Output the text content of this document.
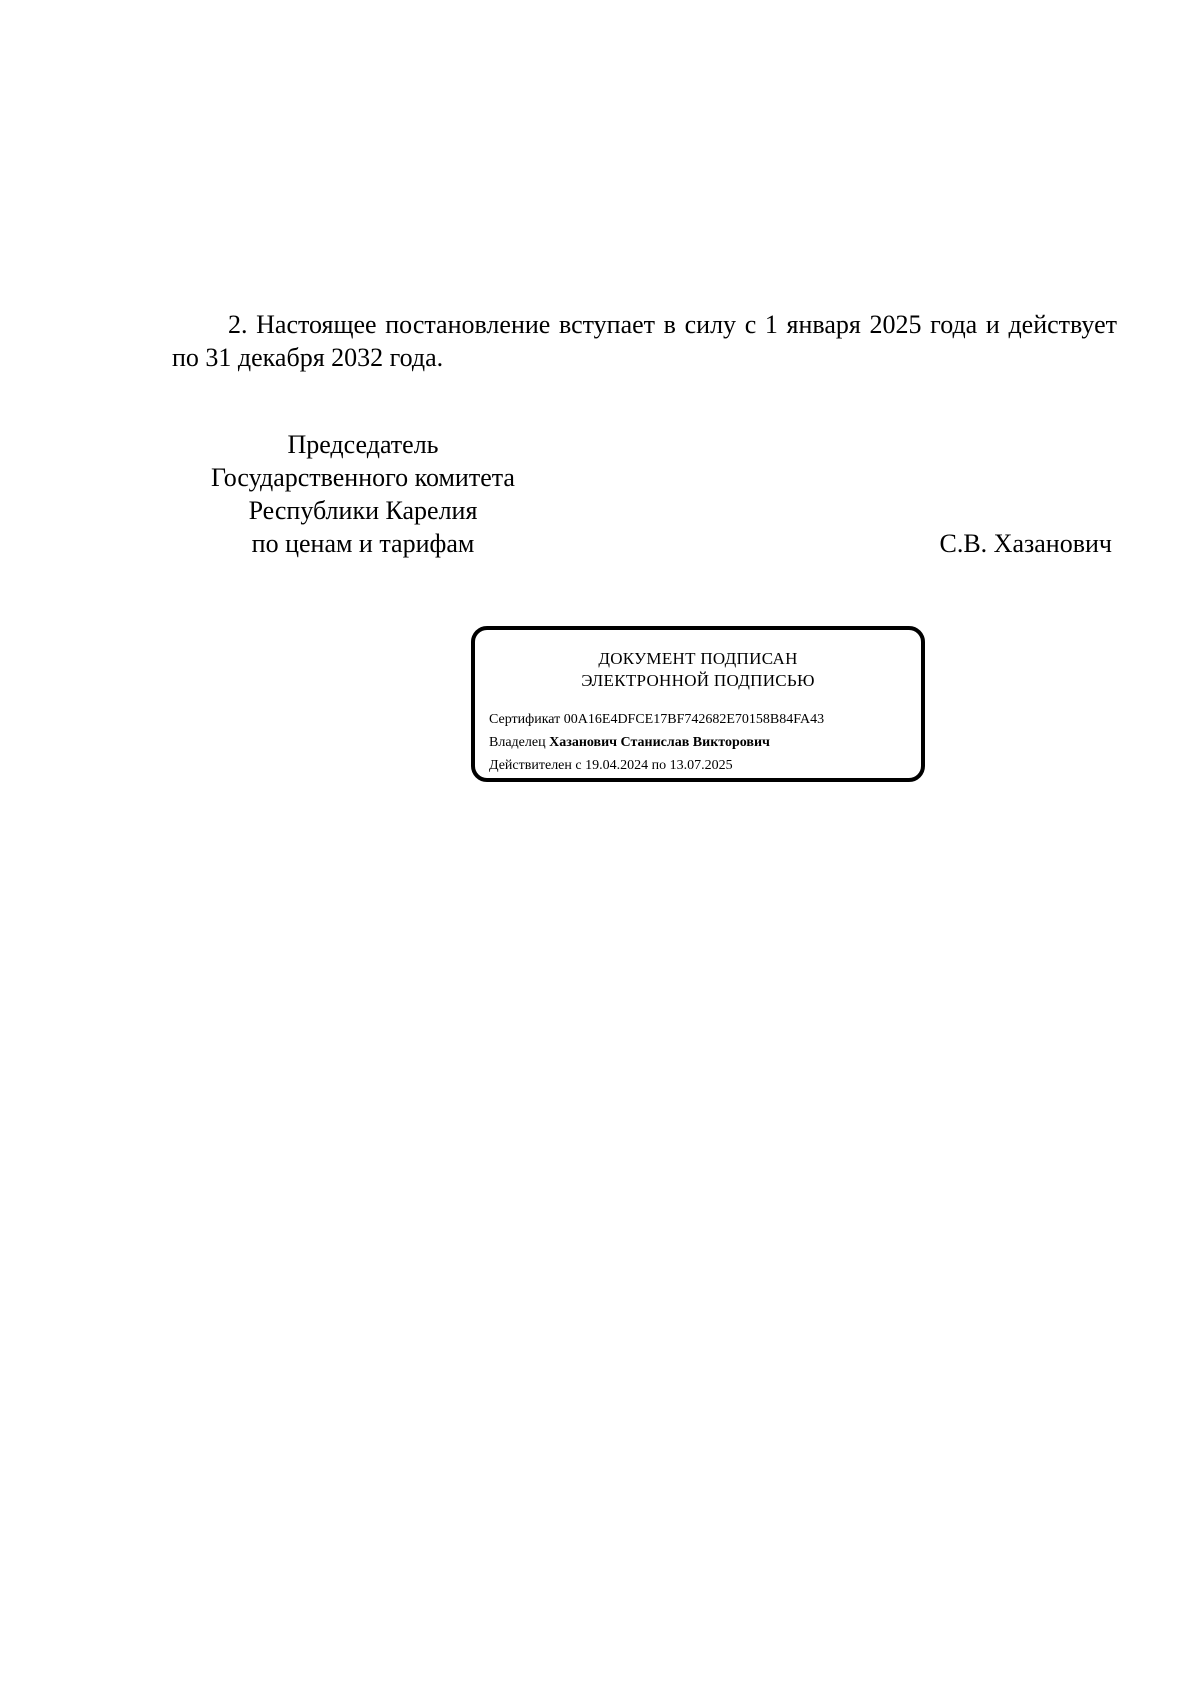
2. Настоящее постановление вступает в силу с 1 января 2025 года и действует по 31 декабря 2032 года.

Председатель
Государственного комитета
Республики Карелия
по ценам и тарифам	С.В. Хазанович
ДОКУМЕНТ ПОДПИСАН
ЭЛЕКТРОННОЙ ПОДПИСЬЮ
Сертификат 00A16E4DFCE17BF742682E70158B84FA43
Владелец Хазанович Станислав Викторович
Действителен с 19.04.2024 по 13.07.2025
